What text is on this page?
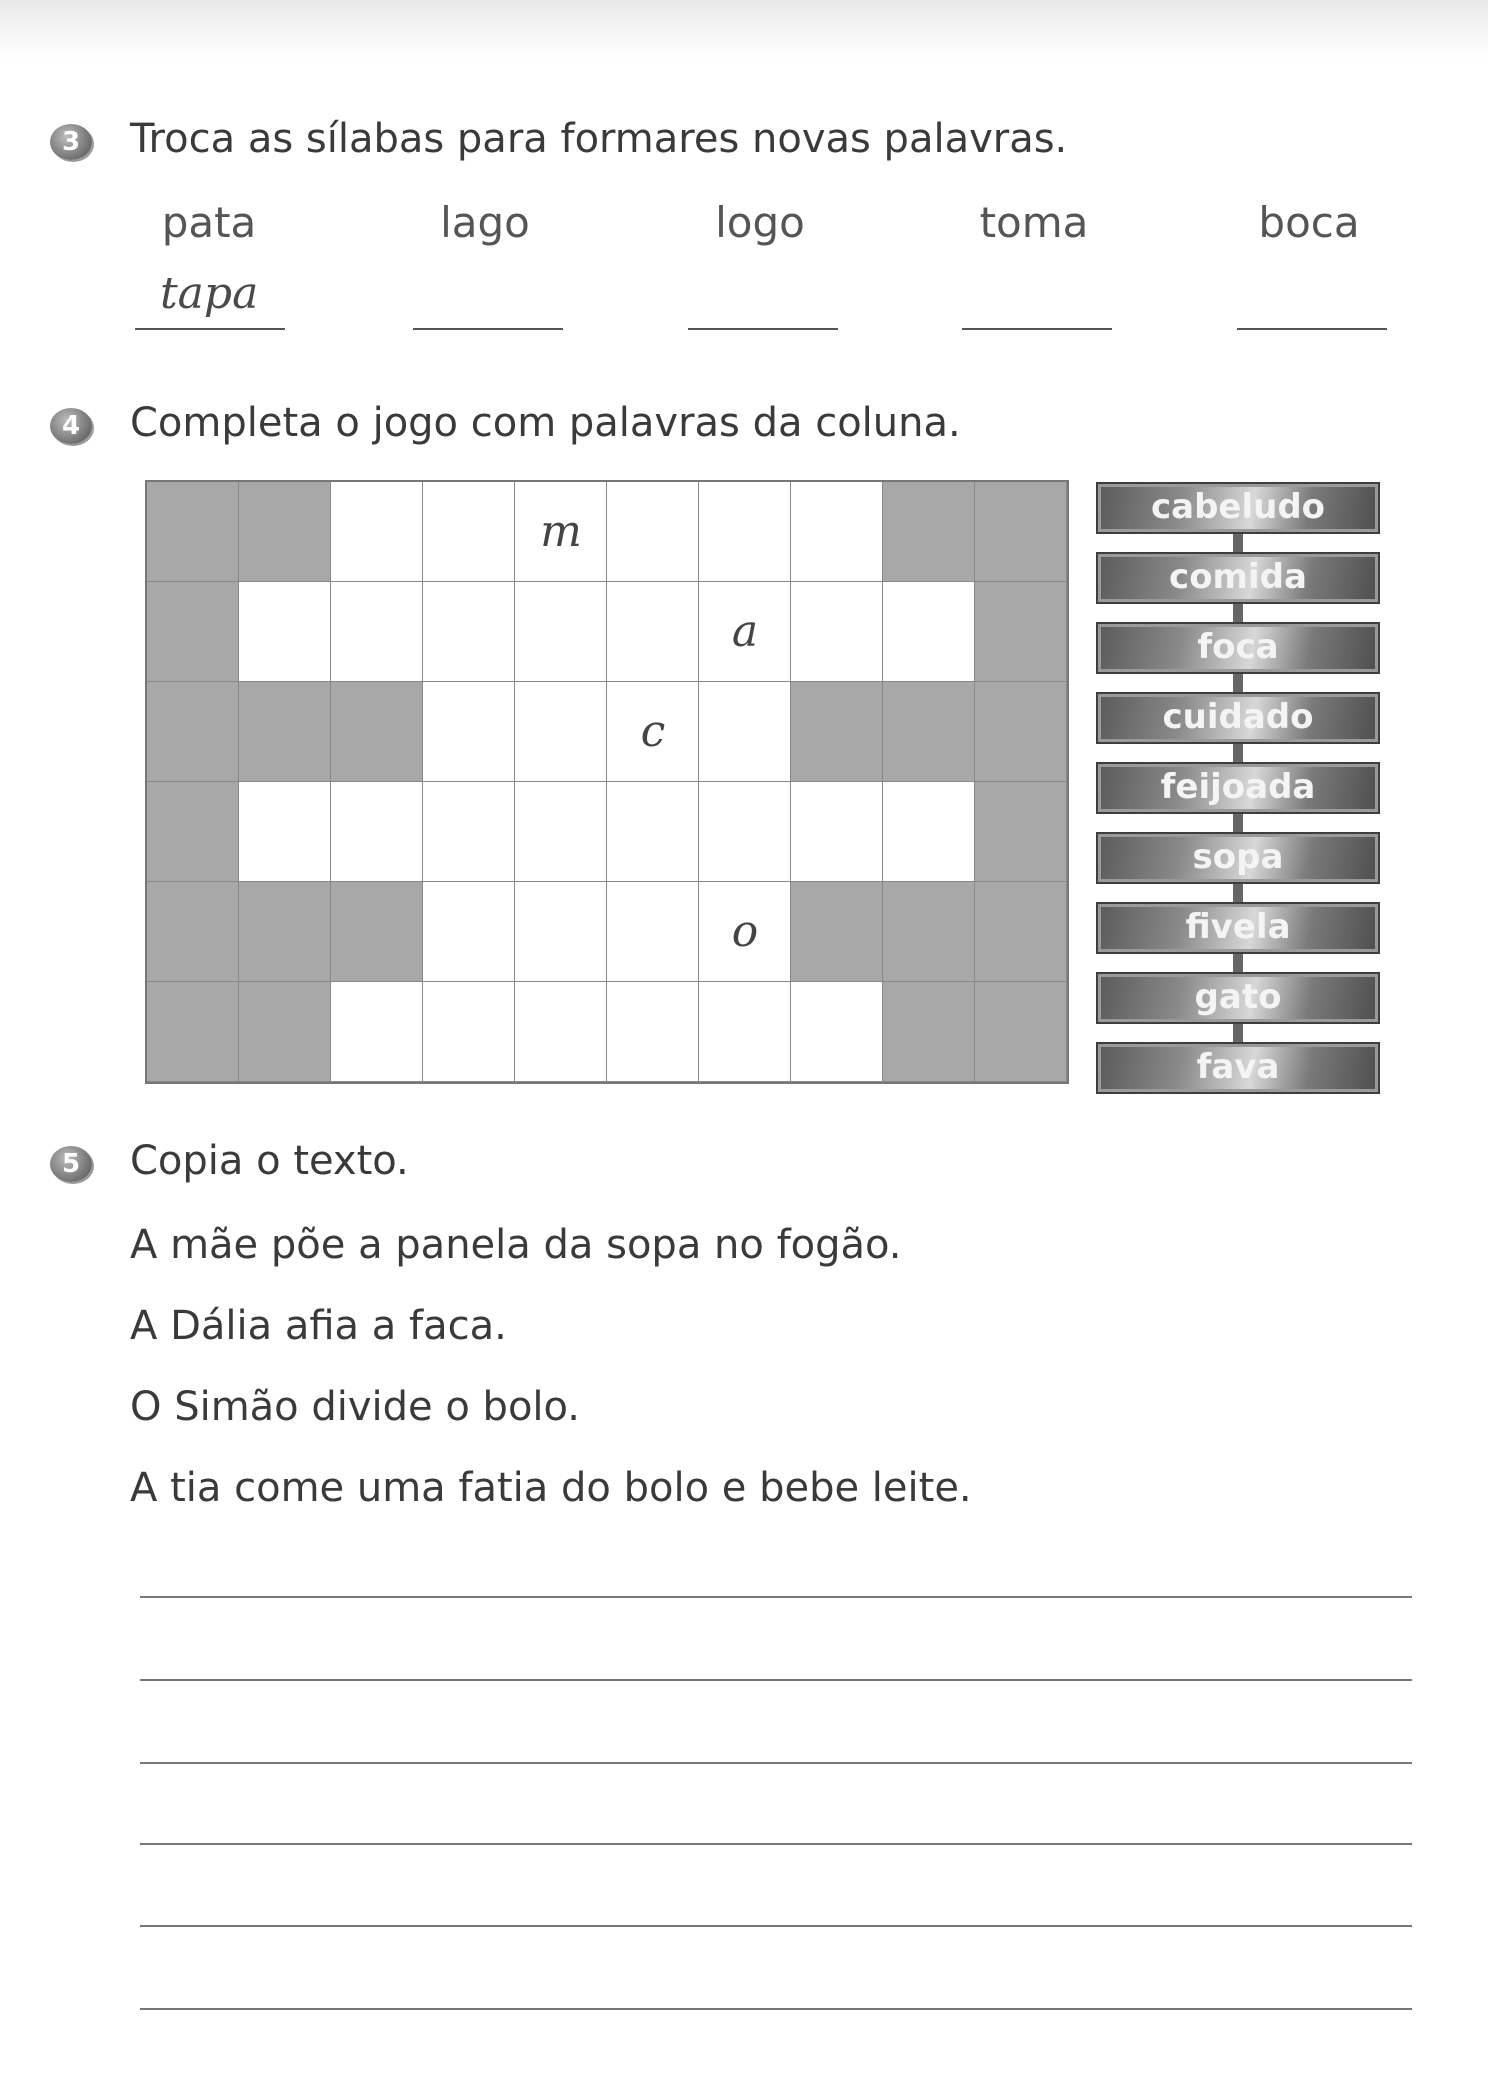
3 Troca as sílabas para formares novas palavras.
pata	lago	logo	toma	boca
tapa
4 Completa o jogo com palavras da coluna.
m
a
c
o
cabeludo
comida
foca
cuidado
feijoada
sopa
fivela
gato
fava
5 Copia o texto.
A mãe põe a panela da sopa no fogão.
A Dália afia a faca.
O Simão divide o bolo.
A tia come uma fatia do bolo e bebe leite.
